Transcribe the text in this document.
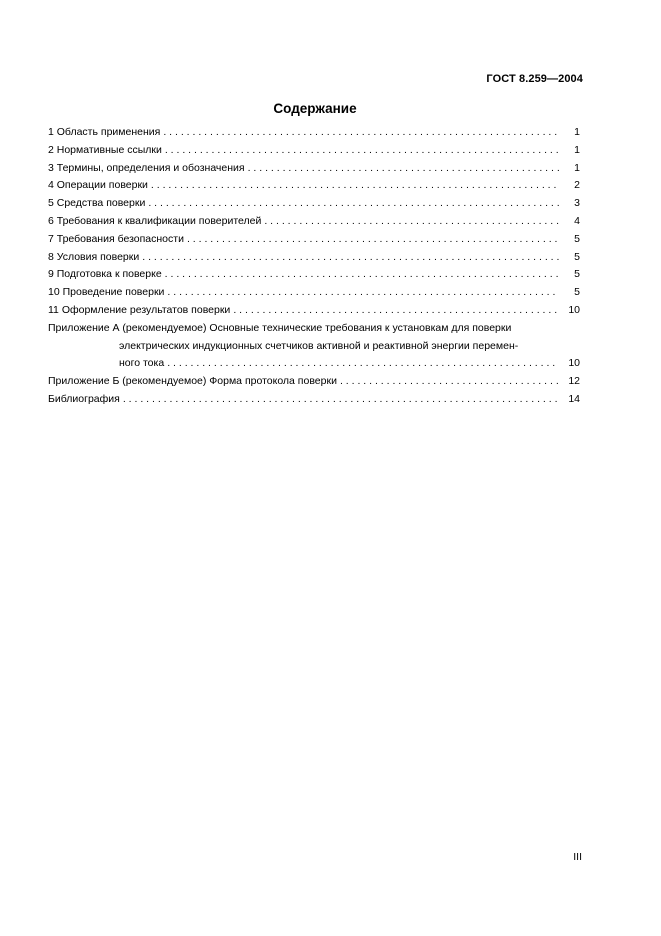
ГОСТ 8.259—2004
Содержание
1 Область применения . . .	1
2 Нормативные ссылки . . .	1
3 Термины, определения и обозначения . . .	1
4 Операции поверки . . .	2
5 Средства поверки . . .	3
6 Требования к квалификации поверителей . . .	4
7 Требования безопасности . . .	5
8 Условия поверки . . .	5
9 Подготовка к поверке . . .	5
10 Проведение поверки . . .	5
11 Оформление результатов поверки . . .	10
Приложение А (рекомендуемое) Основные технические требования к установкам для поверки
электрических индукционных счетчиков активной и реактивной энергии перемен-
ного тока . . .	10
Приложение Б (рекомендуемое) Форма протокола поверки . . .	12
Библиография . . .	14
III
